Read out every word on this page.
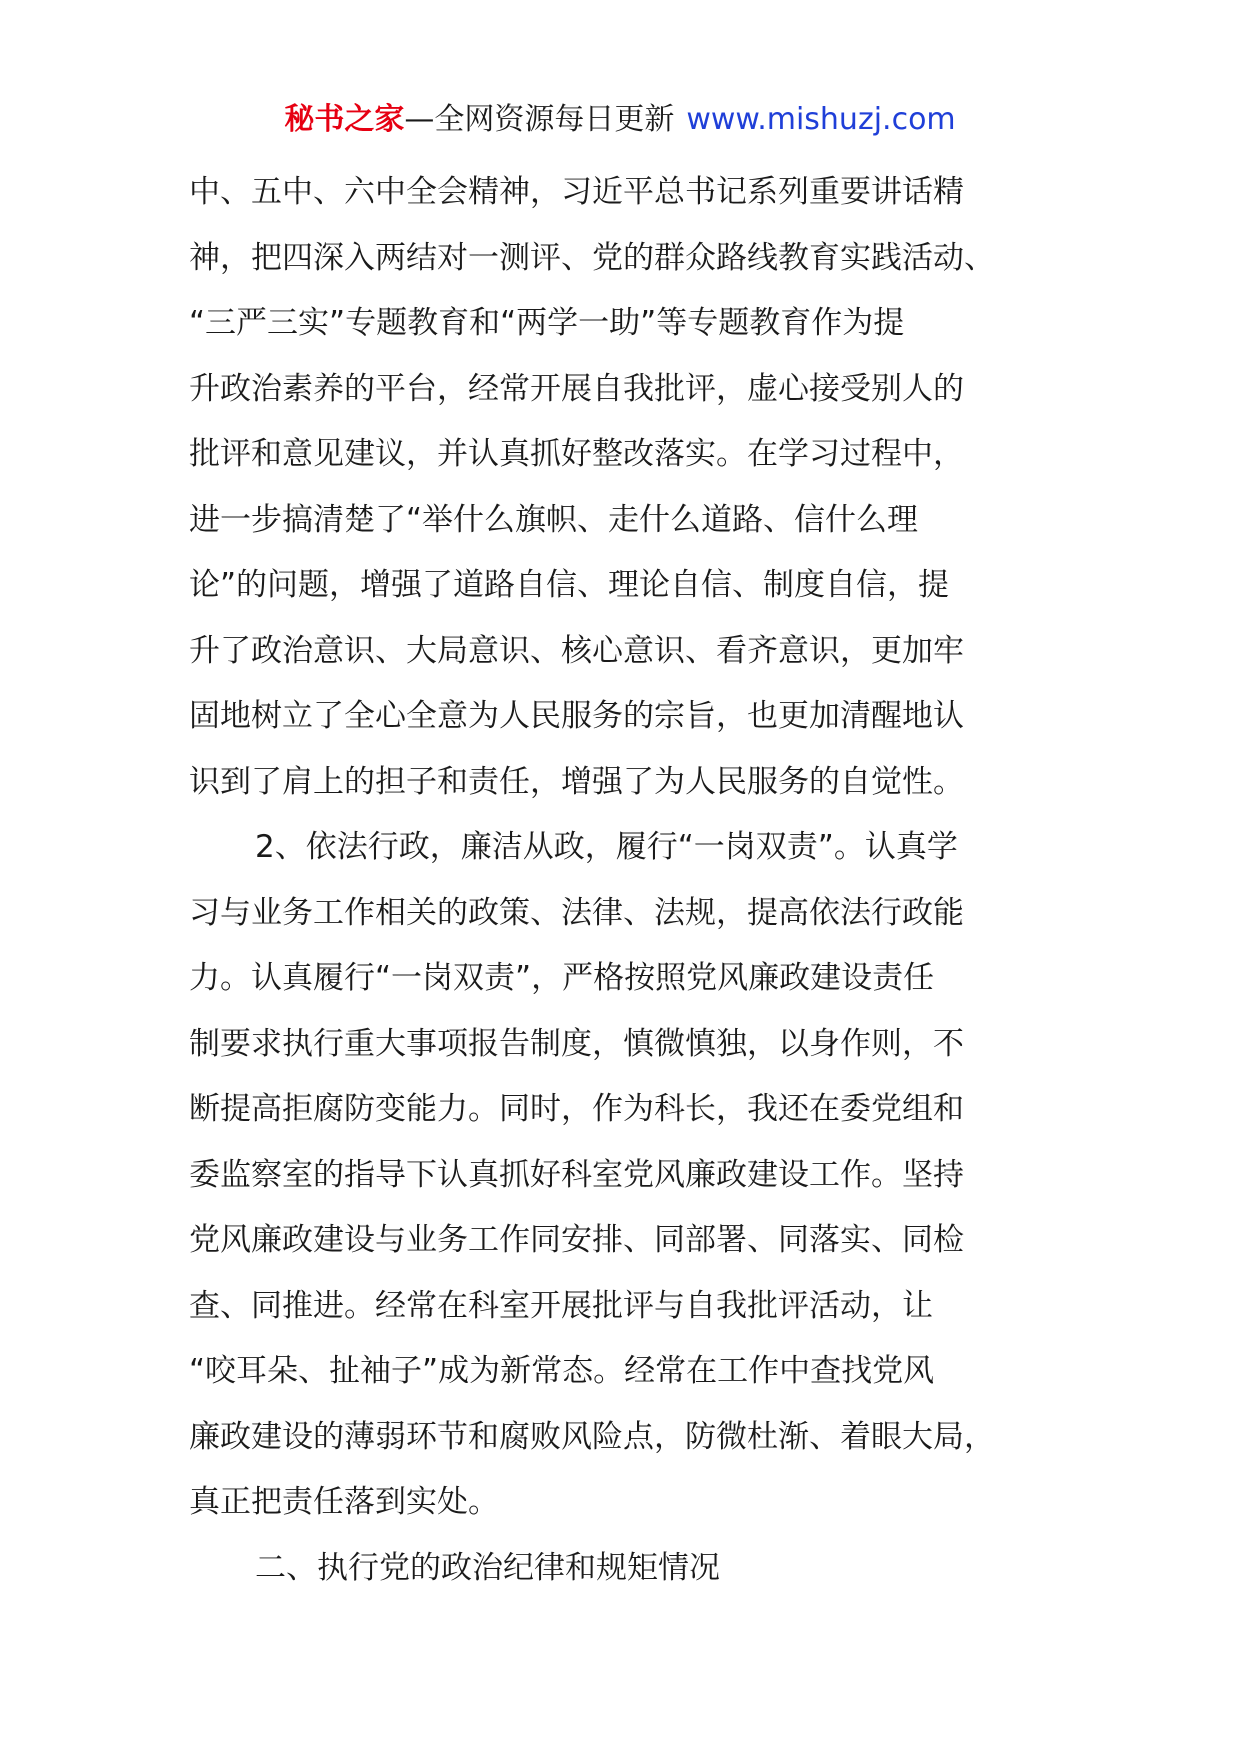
秘书之家—全网资源每日更新 www.mishuzj.com
中、五中、六中全会精神，习近平总书记系列重要讲话精
神，把四深入两结对一测评、党的群众路线教育实践活动、
“三严三实”专题教育和“两学一助”等专题教育作为提
升政治素养的平台，经常开展自我批评，虚心接受别人的
批评和意见建议，并认真抓好整改落实。在学习过程中，
进一步搞清楚了“举什么旗帜、走什么道路、信什么理
论”的问题，增强了道路自信、理论自信、制度自信，提
升了政治意识、大局意识、核心意识、看齐意识，更加牢
固地树立了全心全意为人民服务的宗旨，也更加清醒地认
识到了肩上的担子和责任，增强了为人民服务的自觉性。
2、依法行政，廉洁从政，履行“一岗双责”。认真学
习与业务工作相关的政策、法律、法规，提高依法行政能
力。认真履行“一岗双责”，严格按照党风廉政建设责任
制要求执行重大事项报告制度，慎微慎独，以身作则，不
断提高拒腐防变能力。同时，作为科长，我还在委党组和
委监察室的指导下认真抓好科室党风廉政建设工作。坚持
党风廉政建设与业务工作同安排、同部署、同落实、同检
查、同推进。经常在科室开展批评与自我批评活动，让
“咬耳朵、扯袖子”成为新常态。经常在工作中查找党风
廉政建设的薄弱环节和腐败风险点，防微杜渐、着眼大局，
真正把责任落到实处。
二、执行党的政治纪律和规矩情况
